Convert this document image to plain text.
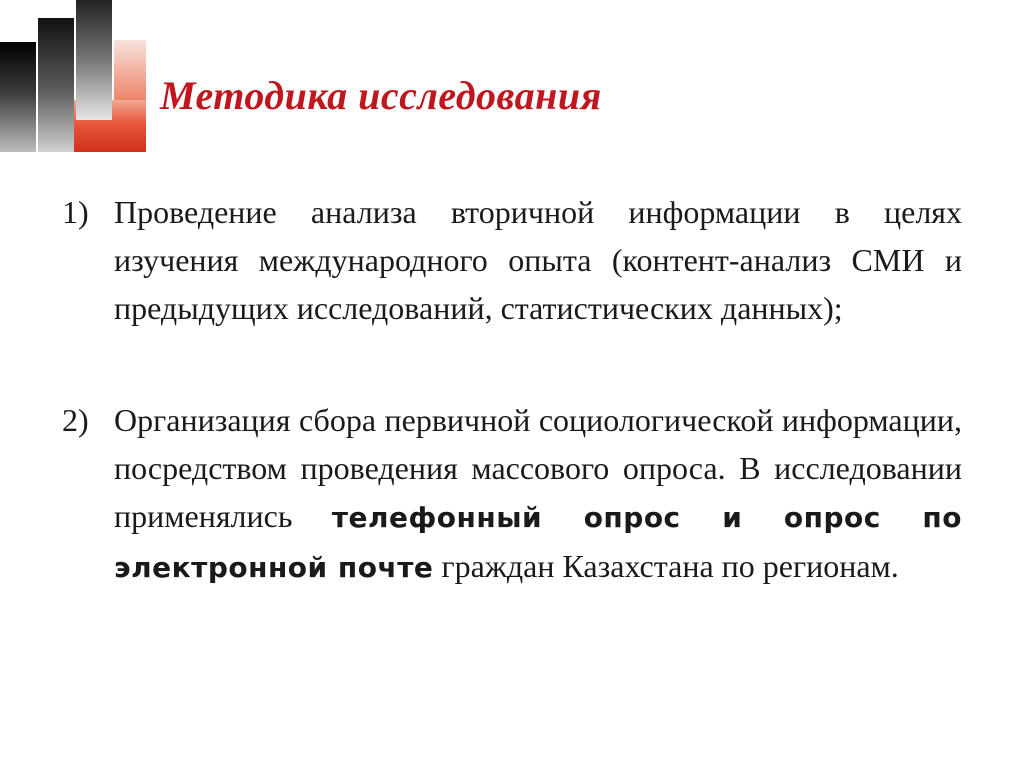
Методика исследования
1) Проведение анализа вторичной информации в целях изучения международного опыта (контент-анализ СМИ и предыдущих исследований, статистических данных);
2) Организация сбора первичной социологической информации, посредством проведения массового опроса. В исследовании применялись телефонный опрос и опрос по электронной почте граждан Казахстана по регионам.
